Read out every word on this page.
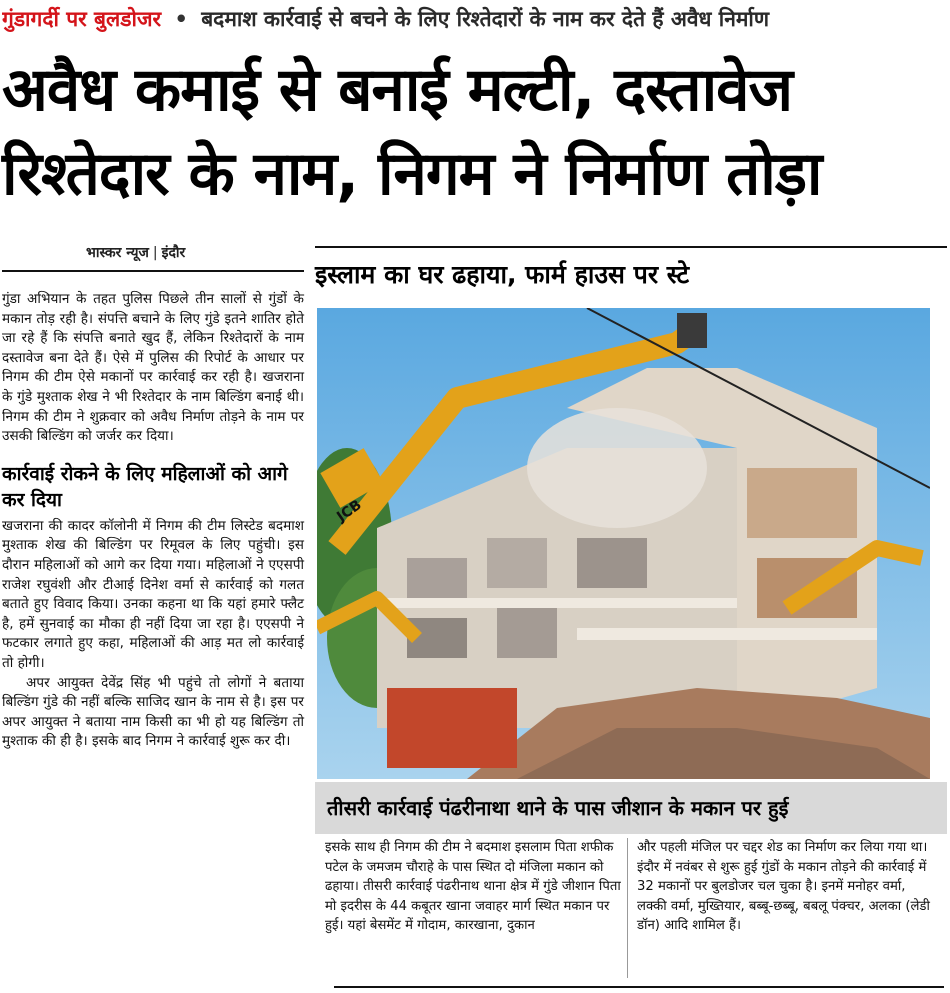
गुंडागर्दी पर बुलडोजर • बदमाश कार्रवाई से बचने के लिए रिश्तेदारों के नाम कर देते हैं अवैध निर्माण
अवैध कमाई से बनाई मल्टी, दस्तावेज
रिश्तेदार के नाम, निगम ने निर्माण तोड़ा
भास्कर न्यूज | इंदौर

गुंडा अभियान के तहत पुलिस पिछले तीन सालों से गुंडों के मकान तोड़ रही है। संपत्ति बचाने के लिए गुंडे इतने शातिर होते जा रहे हैं कि संपत्ति बनाते खुद हैं, लेकिन रिश्तेदारों के नाम दस्तावेज बना देते हैं। ऐसे में पुलिस की रिपोर्ट के आधार पर निगम की टीम ऐसे मकानों पर कार्रवाई कर रही है। खजराना के गुंडे मुश्ताक शेख ने भी रिश्तेदार के नाम बिल्डिंग बनाई थी। निगम की टीम ने शुक्रवार को अवैध निर्माण तोड़ने के नाम पर उसकी बिल्डिंग को जर्जर कर दिया।

कार्रवाई रोकने के लिए महिलाओं को आगे कर दिया

खजराना की कादर कॉलोनी में निगम की टीम लिस्टेड बदमाश मुश्ताक शेख की बिल्डिंग पर रिमूवल के लिए पहुंची। इस दौरान महिलाओं को आगे कर दिया गया। महिलाओं ने एएसपी राजेश रघुवंशी और टीआई दिनेश वर्मा से कार्रवाई को गलत बताते हुए विवाद किया। उनका कहना था कि यहां हमारे फ्लैट है, हमें सुनवाई का मौका ही नहीं दिया जा रहा है। एएसपी ने फटकार लगाते हुए कहा, महिलाओं की आड़ मत लो कार्रवाई तो होगी।

अपर आयुक्त देवेंद्र सिंह भी पहुंचे तो लोगों ने बताया बिल्डिंग गुंडे की नहीं बल्कि साजिद खान के नाम से है। इस पर अपर आयुक्त ने बताया नाम किसी का भी हो यह बिल्डिंग तो मुश्ताक की ही है। इसके बाद निगम ने कार्रवाई शुरू कर दी।

इस्लाम का घर ढहाया, फार्म हाउस पर स्टे
JCB
तीसरी कार्रवाई पंढरीनाथा थाने के पास जीशान के मकान पर हुई
इसके साथ ही निगम की टीम ने बदमाश इसलाम पिता शफीक पटेल के जमजम चौराहे के पास स्थित दो मंजिला मकान को ढहाया। तीसरी कार्रवाई पंढरीनाथ थाना क्षेत्र में गुंडे जीशान पिता मो इदरीस के 44 कबूतर खाना जवाहर मार्ग स्थित मकान पर हुई। यहां बेसमेंट में गोदाम, कारखाना, दुकान
और पहली मंजिल पर चद्दर शेड का निर्माण कर लिया गया था। इंदौर में नवंबर से शुरू हुई गुंडों के मकान तोड़ने की कार्रवाई में 32 मकानों पर बुलडोजर चल चुका है। इनमें मनोहर वर्मा, लक्की वर्मा, मुख्तियार, बब्बू-छब्बू, बबलू पंक्चर, अलका (लेडी डॉन) आदि शामिल हैं।
